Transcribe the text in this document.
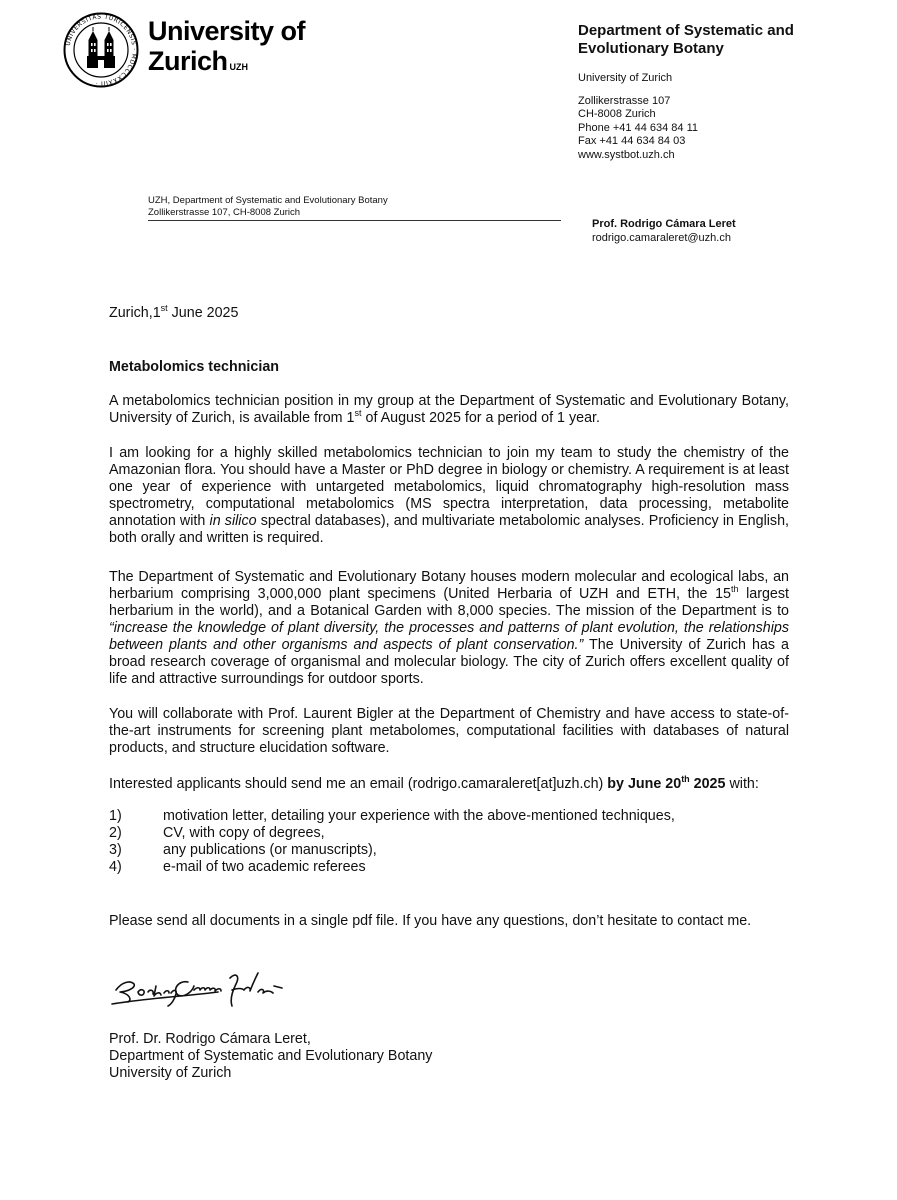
UNIVERSITAS TURICENSIS · MDCCCXXXIII ·
University of
Zurich $^{UZH}$
Department of Systematic and
Evolutionary Botany
University of Zurich
Zollikerstrasse 107
CH-8008 Zurich
Phone +41 44 634 84 11
Fax +41 44 634 84 03
www.systbot.uzh.ch
UZH, Department of Systematic and Evolutionary Botany
Zollikerstrasse 107, CH-8008 Zurich
Prof. Rodrigo Cámara Leret
rodrigo.camaraleret@uzh.ch

Zurich,1st June 2025

Metabolomics technician

A metabolomics technician position in my group at the Department of Systematic and Evolutionary Botany, University of Zurich, is available from 1st of August 2025 for a period of 1 year.

I am looking for a highly skilled metabolomics technician to join my team to study the chemistry of the Amazonian flora. You should have a Master or PhD degree in biology or chemistry. A requirement is at least one year of experience with untargeted metabolomics, liquid chromatography high-resolution mass spectrometry, computational metabolomics (MS spectra interpretation, data processing, metabolite annotation with in silico spectral databases), and multivariate metabolomic analyses. Proficiency in English, both orally and written is required.

The Department of Systematic and Evolutionary Botany houses modern molecular and ecological labs, an herbarium comprising 3,000,000 plant specimens (United Herbaria of UZH and ETH, the 15th largest herbarium in the world), and a Botanical Garden with 8,000 species. The mission of the Department is to “increase the knowledge of plant diversity, the processes and patterns of plant evolution, the relationships between plants and other organisms and aspects of plant conservation.” The University of Zurich has a broad research coverage of organismal and molecular biology. The city of Zurich offers excellent quality of life and attractive surroundings for outdoor sports.

You will collaborate with Prof. Laurent Bigler at the Department of Chemistry and have access to state-of-the-art instruments for screening plant metabolomes, computational facilities with databases of natural products, and structure elucidation software.

Interested applicants should send me an email (rodrigo.camaraleret[at]uzh.ch) by June 20th 2025 with:

1)	motivation letter, detailing your experience with the above-mentioned techniques,
2)	CV, with copy of degrees,
3)	any publications (or manuscripts),
4)	e-mail of two academic referees

Please send all documents in a single pdf file. If you have any questions, don’t hesitate to contact me.

Prof. Dr. Rodrigo Cámara Leret,

Department of Systematic and Evolutionary Botany

University of Zurich
